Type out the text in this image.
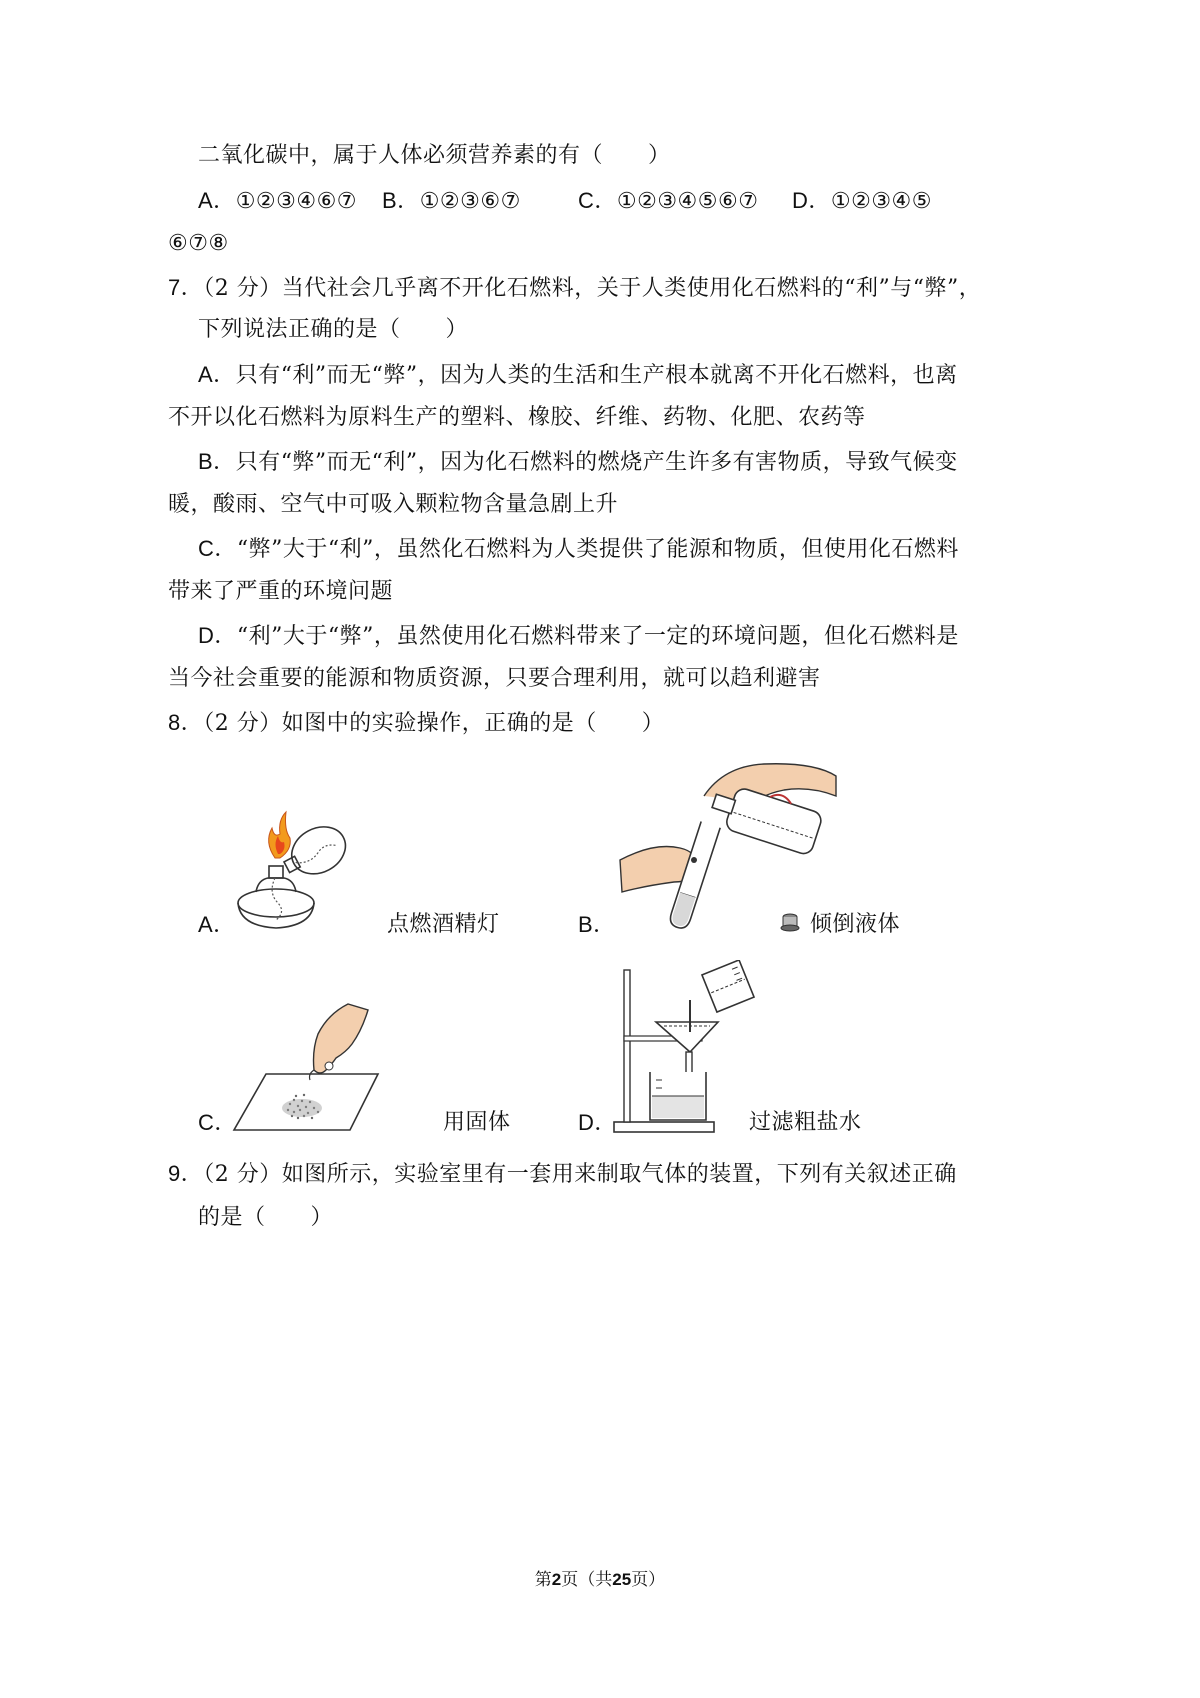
二氧化碳中，属于人体必须营养素的有（　　）
A．①②③④⑥⑦ B．①②③⑥⑦	C．①②③④⑤⑥⑦ D．①②③④⑤
⑥⑦⑧
7．（2 分）当代社会几乎离不开化石燃料，关于人类使用化石燃料的“利”与“弊”，
下列说法正确的是（　　）
A．只有“利”而无“弊”，因为人类的生活和生产根本就离不开化石燃料，也离
不开以化石燃料为原料生产的塑料、橡胶、纤维、药物、化肥、农药等
B．只有“弊”而无“利”，因为化石燃料的燃烧产生许多有害物质，导致气候变
暖，酸雨、空气中可吸入颗粒物含量急剧上升
C．“弊”大于“利”，虽然化石燃料为人类提供了能源和物质，但使用化石燃料
带来了严重的环境问题
D．“利”大于“弊”，虽然使用化石燃料带来了一定的环境问题，但化石燃料是
当今社会重要的能源和物质资源，只要合理利用，就可以趋利避害
8．（2 分）如图中的实验操作，正确的是（　　）
A．	点燃酒精灯	B．	倾倒液体
C．	用固体	D．	过滤粗盐水
9．（2 分）如图所示，实验室里有一套用来制取气体的装置，下列有关叙述正确
的是（　　）
第2页（共25页）
